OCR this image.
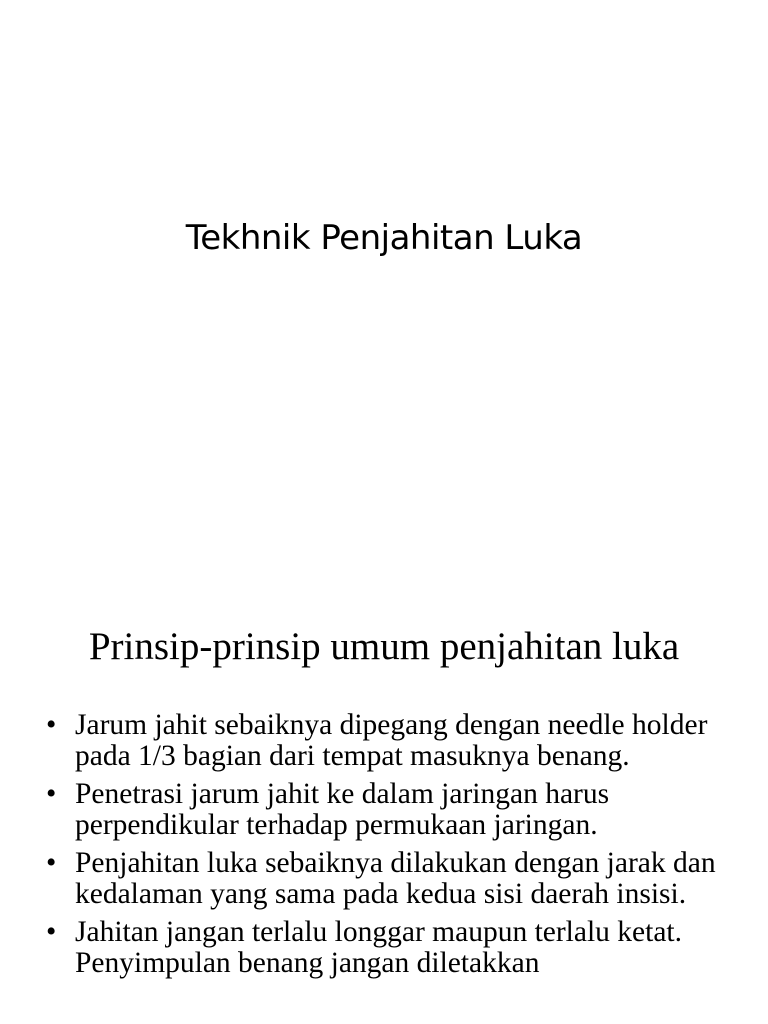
Tekhnik Penjahitan Luka
Prinsip-prinsip umum penjahitan luka
• Jarum jahit sebaiknya dipegang dengan needle holder pada 1/3 bagian dari tempat masuknya benang.
• Penetrasi jarum jahit ke dalam jaringan harus perpendikular terhadap permukaan jaringan.
• Penjahitan luka sebaiknya dilakukan dengan jarak dan kedalaman yang sama pada kedua sisi daerah insisi.
• Jahitan jangan terlalu longgar maupun terlalu ketat. Penyimpulan benang jangan diletakkan
